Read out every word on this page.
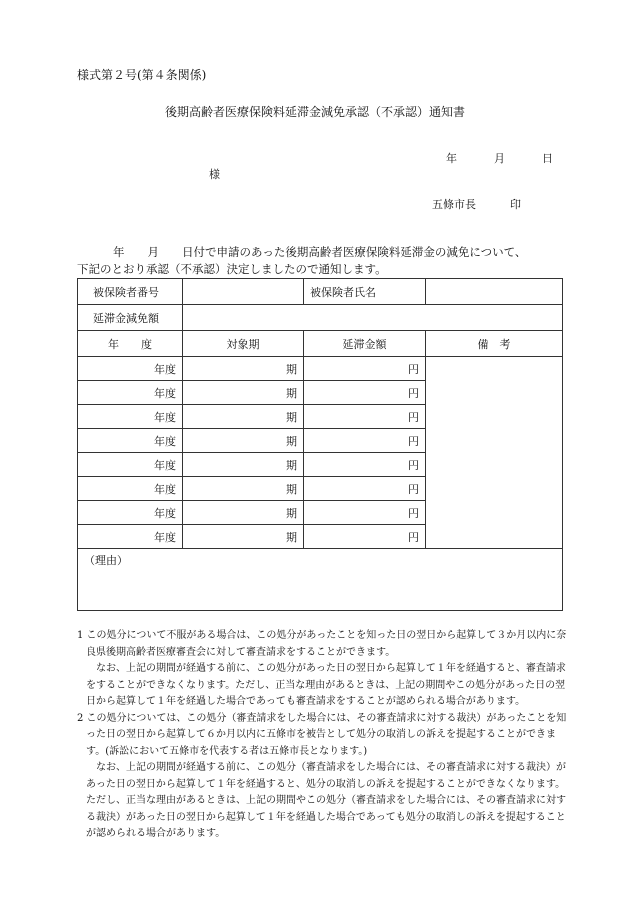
様式第２号(第４条関係)
後期高齢者医療保険料延滞金減免承認（不承認）通知書
年	月	日
様
五條市長	印
年　　月　　日付で申請のあった後期高齢者医療保険料延滞金の減免について、
下記のとおり承認（不承認）決定しましたので通知します。
被保険者番号		被保険者氏名	
延滞金減免額			
年　　度	対象期	延滞金額	備　考
年度	期	円	
年度	期	円	
年度	期	円	
年度	期	円	
年度	期	円	
年度	期	円	
年度	期	円	
年度	期	円	
（理由）			

1 この処分について不服がある場合は、この処分があったことを知った日の翌日から起算して３か月以内に奈良県後期高齢者医療審査会に対して審査請求をすることができます。

なお、上記の期間が経過する前に、この処分があった日の翌日から起算して１年を経過すると、審査請求をすることができなくなります。ただし、正当な理由があるときは、上記の期間やこの処分があった日の翌日から起算して１年を経過した場合であっても審査請求をすることが認められる場合があります。

2 この処分については、この処分（審査請求をした場合には、その審査請求に対する裁決）があったことを知った日の翌日から起算して６か月以内に五條市を被告として処分の取消しの訴えを提起することができます。(訴訟において五條市を代表する者は五條市長となります。)

なお、上記の期間が経過する前に、この処分（審査請求をした場合には、その審査請求に対する裁決）があった日の翌日から起算して１年を経過すると、処分の取消しの訴えを提起することができなくなります。ただし、正当な理由があるときは、上記の期間やこの処分（審査請求をした場合には、その審査請求に対する裁決）があった日の翌日から起算して１年を経過した場合であっても処分の取消しの訴えを提起することが認められる場合があります。
